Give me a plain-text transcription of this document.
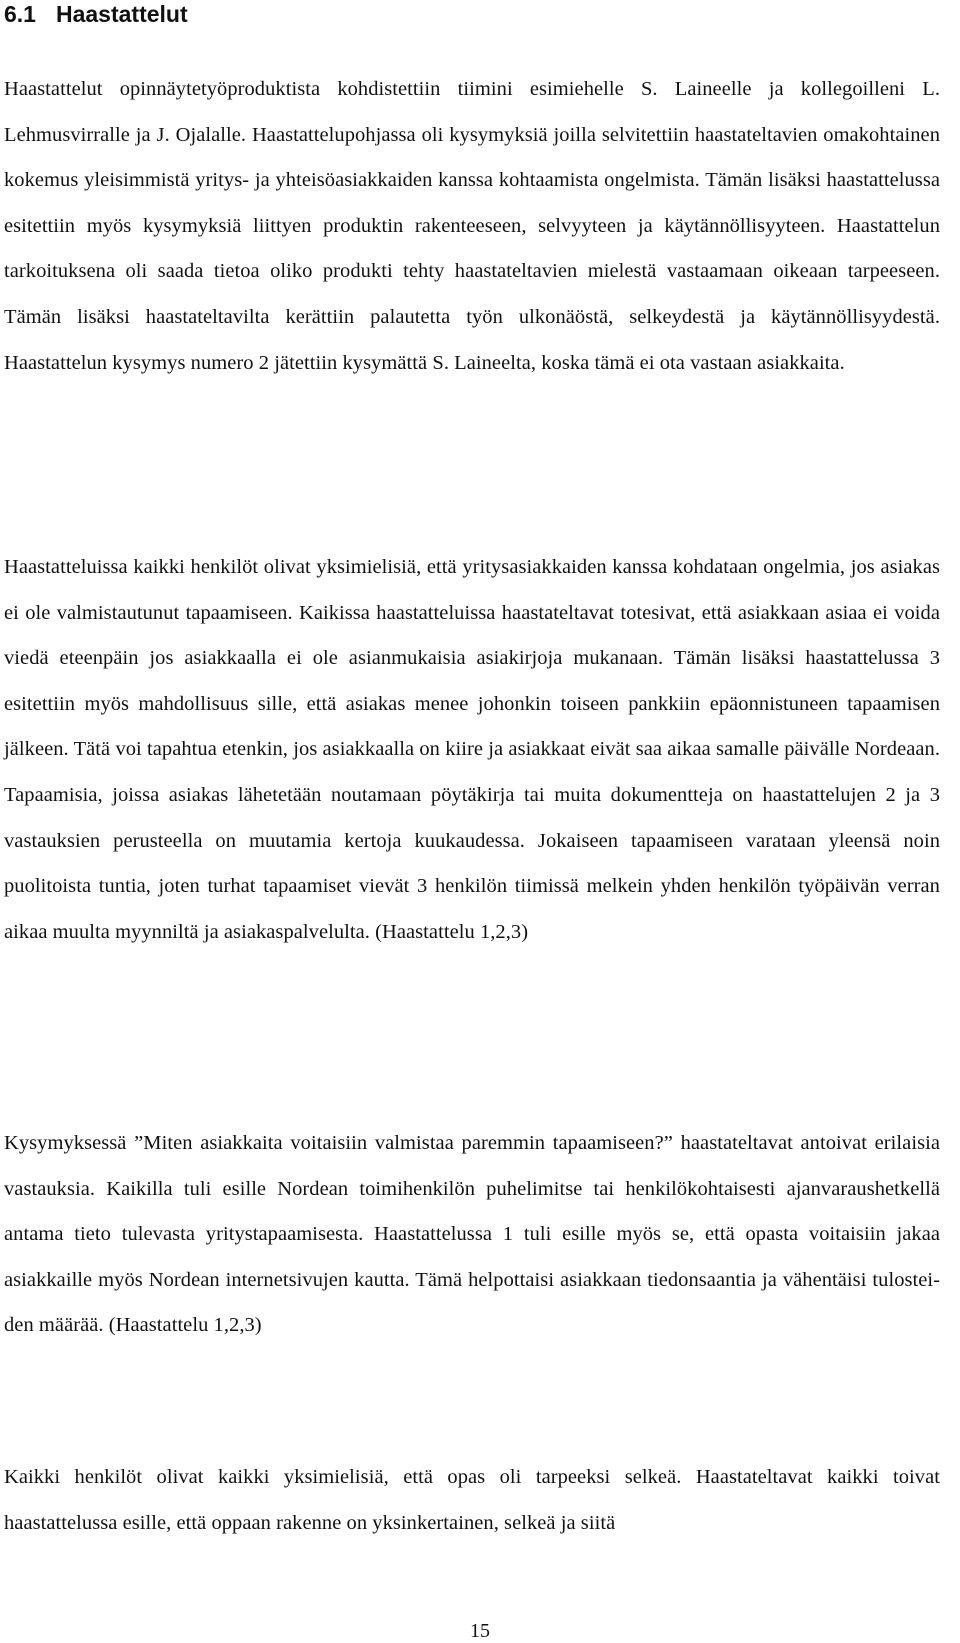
6.1 Haastattelut

Haastattelut opinnäytetyöproduktista kohdistettiin tiimini esimiehelle S. Laineelle ja kollegoilleni L. Lehmusvirralle ja J. Ojalalle. Haastattelupohjassa oli kysymyksiä joilla selvitettiin haastateltavien omakohtainen kokemus yleisimmistä yritys- ja yhteisöasiakkaiden kanssa kohtaamista ongelmista. Tämän lisäksi haastattelussa esitettiin myös kysymyksiä liittyen produktin rakenteeseen, selvyyteen ja käytännöllisyyteen. Haastattelun tarkoituksena oli saada tietoa oliko produkti tehty haastateltavien mielestä vastaamaan oikeaan tarpeeseen. Tämän lisäksi haastateltavilta kerättiin palautetta työn ulkonäöstä, selkeydestä ja käytännöllisyydestä. Haastattelun kysymys numero 2 jätettiin kysymättä S. Laineelta, koska tämä ei ota vastaan asiakkaita.

Haastatteluissa kaikki henkilöt olivat yksimielisiä, että yritysasiakkaiden kanssa kohdataan ongelmia, jos asiakas ei ole valmistautunut tapaamiseen. Kaikissa haastatteluissa haastateltavat totesivat, että asiakkaan asiaa ei voida viedä eteenpäin jos asiakkaalla ei ole asianmukaisia asiakirjoja mukanaan. Tämän lisäksi haastattelussa 3 esitettiin myös mahdollisuus sille, että asiakas menee johonkin toiseen pankkiin epäonnistuneen tapaamisen jälkeen. Tätä voi tapahtua etenkin, jos asiakkaalla on kiire ja asiakkaat eivät saa aikaa samalle päivälle Nordeaan. Tapaamisia, joissa asiakas lähetetään noutamaan pöytäkirja tai muita dokumentteja on haastattelujen 2 ja 3 vastauksien perusteella on muutamia kertoja kuukaudessa. Jokaiseen tapaamiseen varataan yleensä noin puolitoista tuntia, joten turhat tapaamiset vievät 3 henkilön tiimissä melkein yhden henkilön työpäivän verran aikaa muulta myynniltä ja asiakaspalvelulta. (Haastattelu 1,2,3)

Kysymyksessä ”Miten asiakkaita voitaisiin valmistaa paremmin tapaamiseen?” haastateltavat antoivat erilaisia vastauksia. Kaikilla tuli esille Nordean toimihenkilön puhelimitse tai henkilökohtaisesti ajanvaraushetkellä antama tieto tulevasta yritystapaamisesta. Haastattelussa 1 tuli esille myös se, että opasta voitaisiin jakaa asiakkaille myös Nordean internetsivujen kautta. Tämä helpottaisi asiakkaan tiedonsaantia ja vähentäisi tulosteiden määrää. (Haastattelu 1,2,3)

Kaikki henkilöt olivat kaikki yksimielisiä, että opas oli tarpeeksi selkeä. Haastateltavat kaikki toivat haastattelussa esille, että oppaan rakenne on yksinkertainen, selkeä ja siitä

15
